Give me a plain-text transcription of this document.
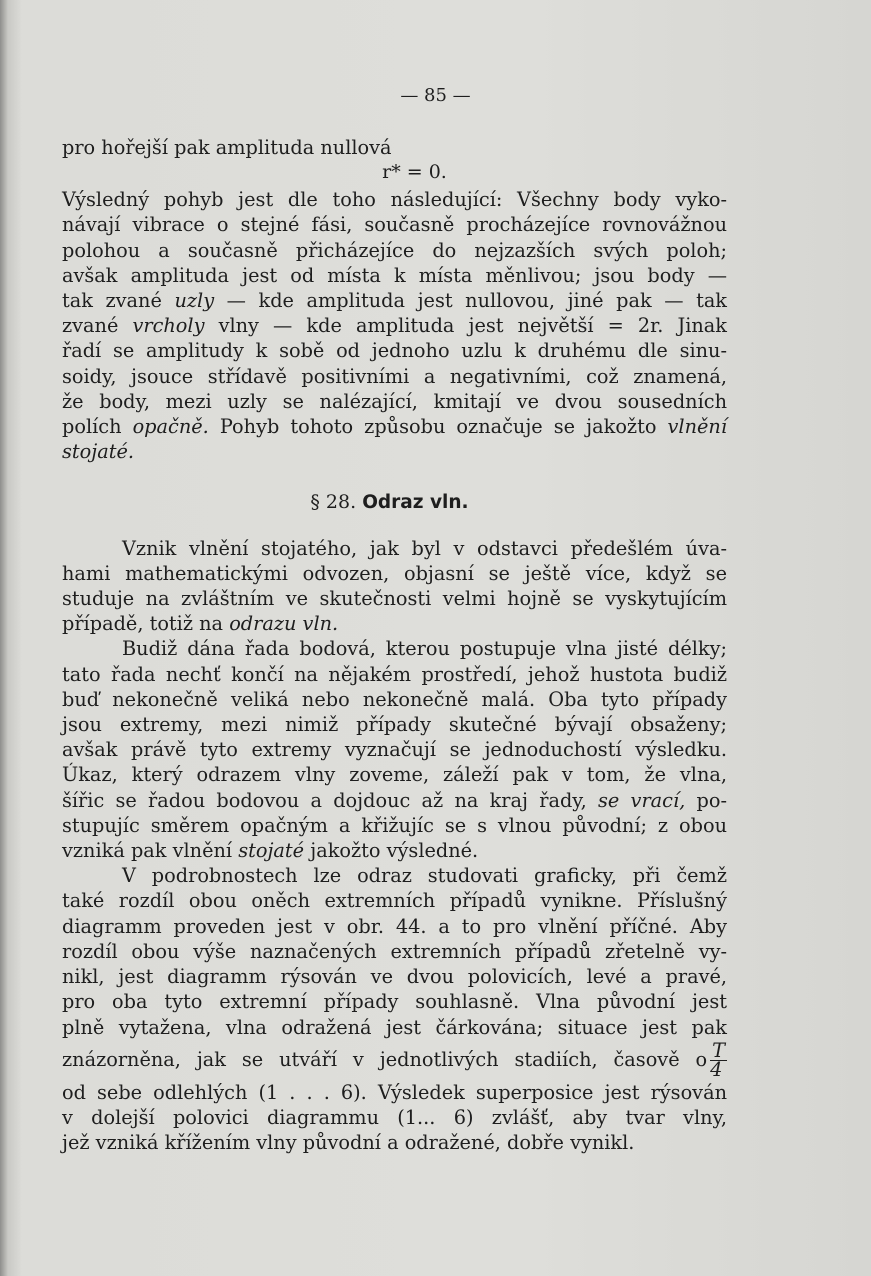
— 85 —

pro hořejší pak amplituda nullová

r* = 0.

Výsledný pohyb jest dle toho následující: Všechny body vyko-

návají vibrace o stejné fási, současně procházejíce rovnovážnou

polohou a současně přicházejíce do nejzazších svých poloh;

avšak amplituda jest od místa k místa měnlivou; jsou body —

tak zvané uzly — kde amplituda jest nullovou, jiné pak — tak

zvané vrcholy vlny — kde amplituda jest největší = 2r. Jinak

řadí se amplitudy k sobě od jednoho uzlu k druhému dle sinu-

soidy, jsouce střídavě positivními a negativními, což znamená,

že body, mezi uzly se nalézající, kmitají ve dvou sousedních

polích opačně. Pohyb tohoto způsobu označuje se jakožto vlnění

stojaté.

§ 28. Odraz vln.

Vznik vlnění stojatého, jak byl v odstavci předešlém úva-

hami mathematickými odvozen, objasní se ještě více, když se

studuje na zvláštním ve skutečnosti velmi hojně se vyskytujícím

případě, totiž na odrazu vln.

Budiž dána řada bodová, kterou postupuje vlna jisté délky;

tato řada nechť končí na nějakém prostředí, jehož hustota budiž

buď nekonečně veliká nebo nekonečně malá. Oba tyto případy

jsou extremy, mezi nimiž případy skutečné bývají obsaženy;

avšak právě tyto extremy vyznačují se jednoduchostí výsledku.

Úkaz, který odrazem vlny zoveme, záleží pak v tom, že vlna,

šířic se řadou bodovou a dojdouc až na kraj řady, se vrací, po-

stupujíc směrem opačným a křižujíc se s vlnou původní; z obou

vzniká pak vlnění stojaté jakožto výsledné.

V podrobnostech lze odraz studovati graficky, při čemž

také rozdíl obou oněch extremních případů vynikne. Příslušný

diagramm proveden jest v obr. 44. a to pro vlnění příčné. Aby

rozdíl obou výše naznačených extremních případů zřetelně vy-

nikl, jest diagramm rýsován ve dvou polovicích, levé a pravé,

pro oba tyto extremní případy souhlasně. Vlna původní jest

plně vytažena, vlna odražená jest čárkována; situace jest pak

znázorněna, jak se utváří v jednotlivých stadiích, časově o $\frac{T}{4}$

od sebe odlehlých (1 . . . 6). Výsledek superposice jest rýsován

v dolejší polovici diagrammu (1... 6) zvlášť, aby tvar vlny,

jež vzniká křížením vlny původní a odražené, dobře vynikl.
